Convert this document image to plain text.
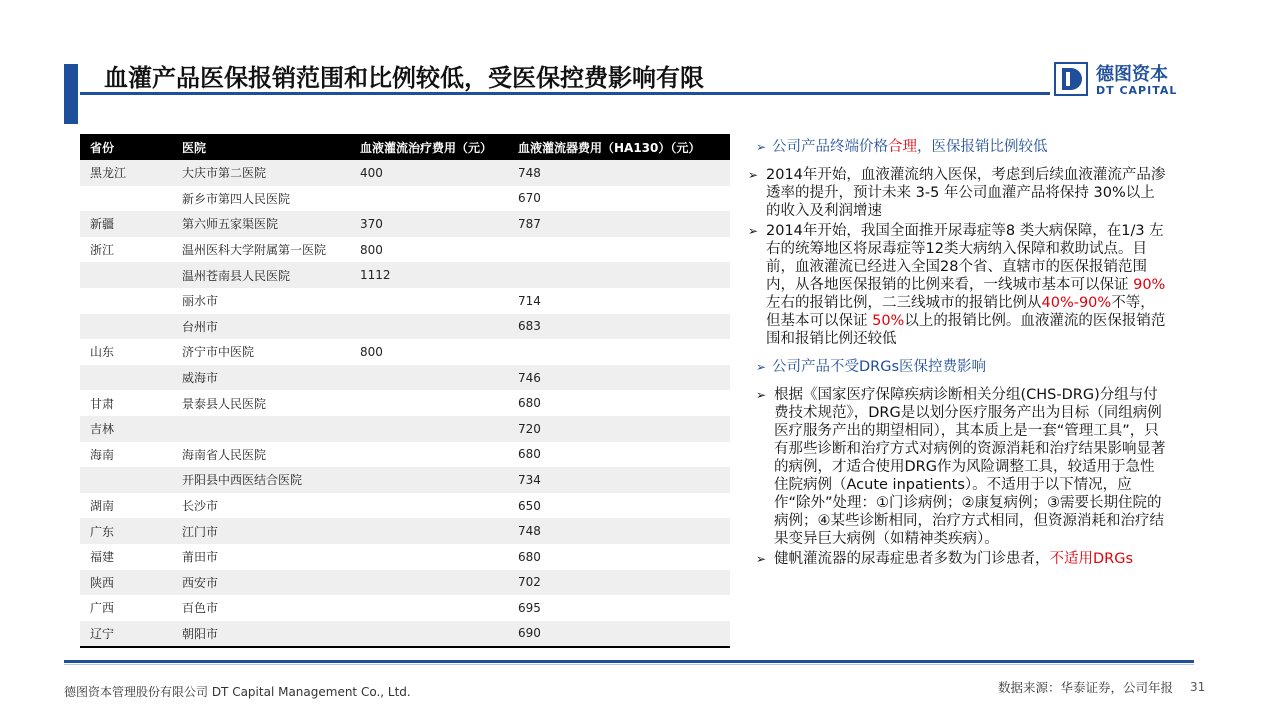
血灌产品医保报销范围和比例较低，受医保控费影响有限	德图资本
DT CAPITAL
省份	医院	血液灌流治疗费用（元）	血液灌流器费用（HA130）（元）
黑龙江	大庆市第二医院	400	748
	新乡市第四人民医院		670
新疆	第六师五家渠医院	370	787
浙江	温州医科大学附属第一医院	800	
	温州苍南县人民医院	1112	
	丽水市		714
	台州市		683
山东	济宁市中医院	800	
	威海市		746
甘肃	景泰县人民医院		680
吉林			720
海南	海南省人民医院		680
	开阳县中西医结合医院		734
湖南	长沙市		650
广东	江门市		748
福建	莆田市		680
陕西	西安市		702
广西	百色市		695
辽宁	朝阳市		690
➢ 公司产品终端价格合理，医保报销比例较低
➢ 2014年开始，血液灌流纳入医保，考虑到后续血液灌流产品渗透率的提升，预计未来 3-5 年公司血灌产品将保持 30%以上的收入及利润增速
➢ 2014年开始，我国全面推开尿毒症等8 类大病保障，在1/3 左右的统筹地区将尿毒症等12类大病纳入保障和救助试点。目前，血液灌流已经进入全国28个省、直辖市的医保报销范围内，从各地医保报销的比例来看，一线城市基本可以保证 90%左右的报销比例，二三线城市的报销比例从40%-90%不等，但基本可以保证 50%以上的报销比例。血液灌流的医保报销范围和报销比例还较低
➢ 公司产品不受DRGs医保控费影响
➢ 根据《国家医疗保障疾病诊断相关分组(CHS-DRG)分组与付费技术规范》，DRG是以划分医疗服务产出为目标（同组病例医疗服务产出的期望相同），其本质上是一套“管理工具”，只有那些诊断和治疗方式对病例的资源消耗和治疗结果影响显著的病例，才适合使用DRG作为风险调整工具，较适用于急性住院病例（Acute inpatients）。不适用于以下情况，应作“除外”处理：①门诊病例；②康复病例；③需要长期住院的病例；④某些诊断相同，治疗方式相同，但资源消耗和治疗结果变异巨大病例（如精神类疾病）。
➢ 健帆灌流器的尿毒症患者多数为门诊患者，不适用DRGs
德图资本管理股份有限公司 DT Capital Management Co., Ltd.	数据来源：华泰证券，公司年报	31
